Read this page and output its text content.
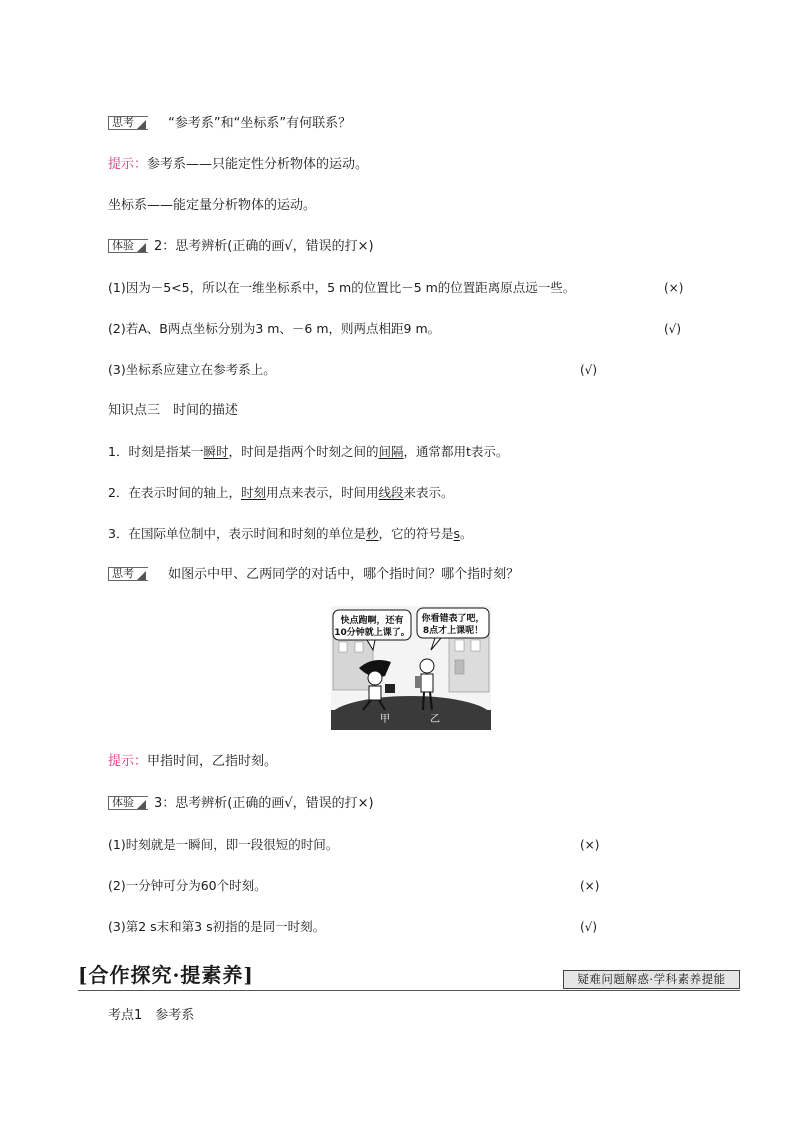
思考	“参考系”和“坐标系”有何联系？
提示：参考系——只能定性分析物体的运动。
坐标系——能定量分析物体的运动。
体验 2：思考辨析(正确的画√，错误的打×)
(1)因为－5<5，所以在一维坐标系中，5 m的位置比－5 m的位置距离原点远一些。	(×)
(2)若A、B两点坐标分别为3 m、－6 m，则两点相距9 m。	(√)
(3)坐标系应建立在参考系上。	(√)
知识点三　时间的描述
1．时刻是指某一瞬时，时间是指两个时刻之间的间隔，通常都用t表示。
2．在表示时间的轴上，时刻用点来表示，时间用线段来表示。
3．在国际单位制中，表示时间和时刻的单位是秒，它的符号是s。
思考	如图示中甲、乙两同学的对话中，哪个指时间？哪个指时刻？
快点跑啊，还有
10分钟就上课了。
你看错表了吧，
8点才上课呢！
甲	乙
提示：甲指时间，乙指时刻。
体验 3：思考辨析(正确的画√，错误的打×)
(1)时刻就是一瞬间，即一段很短的时间。	(×)
(2)一分钟可分为60个时刻。	(×)
(3)第2 s末和第3 s初指的是同一时刻。	(√)
[合作探究·提素养]	疑难问题解惑·学科素养提能
考点1　参考系
